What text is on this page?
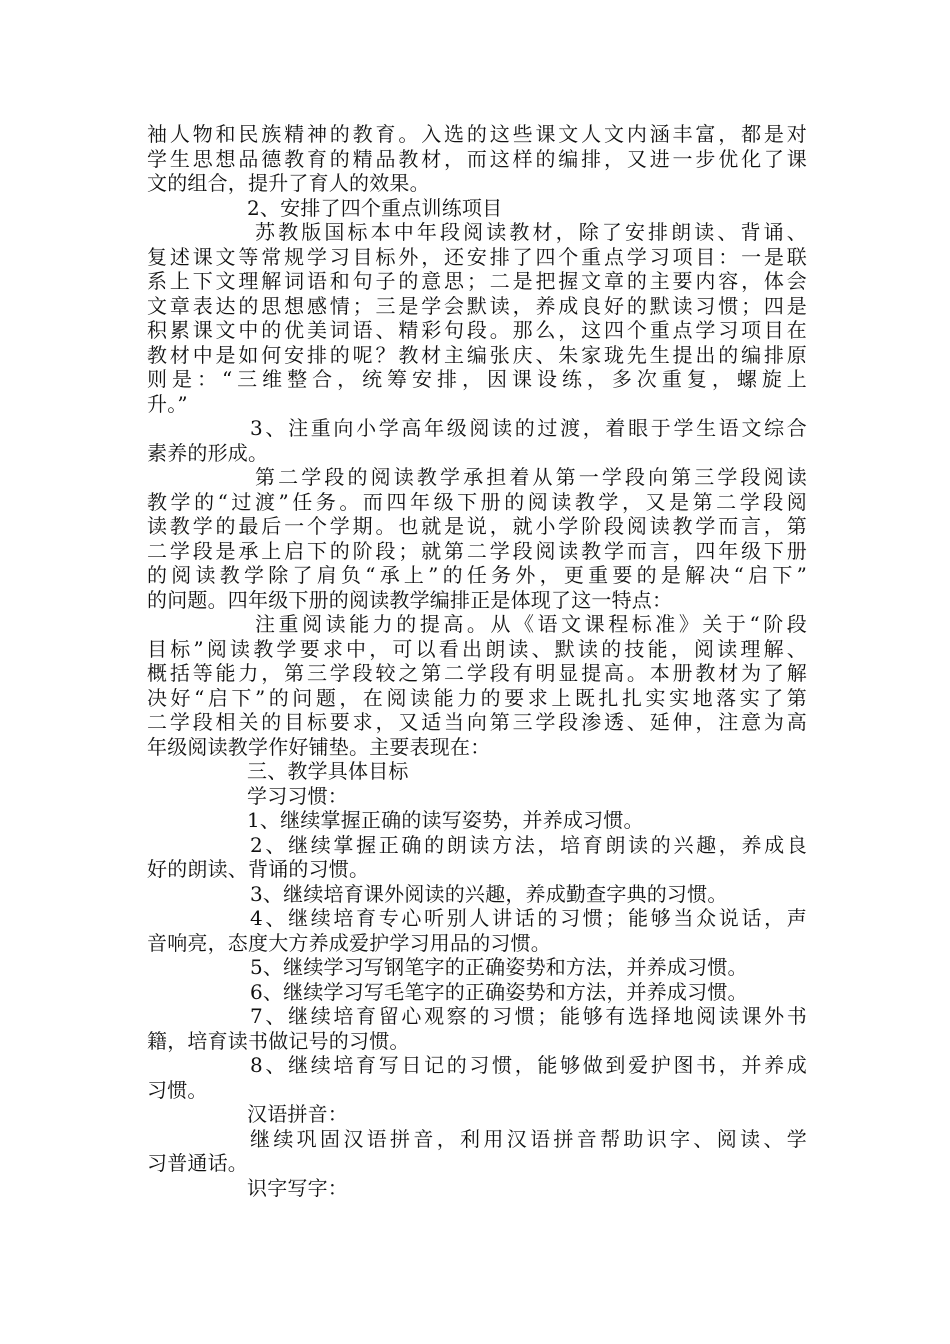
袖人物和民族精神的教育。入选的这些课文人文内涵丰富，都是对
学生思想品德教育的精品教材，而这样的编排，又进一步优化了课
文的组合，提升了育人的效果。
2、安排了四个重点训练项目
苏教版国标本中年段阅读教材，除了安排朗读、背诵、
复述课文等常规学习目标外，还安排了四个重点学习项目：一是联
系上下文理解词语和句子的意思；二是把握文章的主要内容，体会
文章表达的思想感情；三是学会默读，养成良好的默读习惯；四是
积累课文中的优美词语、精彩句段。那么，这四个重点学习项目在
教材中是如何安排的呢？教材主编张庆、朱家珑先生提出的编排原
则是：“三维整合，统筹安排，因课设练，多次重复，螺旋上
升。”
3、注重向小学高年级阅读的过渡，着眼于学生语文综合
素养的形成。
第二学段的阅读教学承担着从第一学段向第三学段阅读
教学的“过渡”任务。而四年级下册的阅读教学，又是第二学段阅
读教学的最后一个学期。也就是说，就小学阶段阅读教学而言，第
二学段是承上启下的阶段；就第二学段阅读教学而言，四年级下册
的阅读教学除了肩负“承上”的任务外，更重要的是解决“启下”
的问题。四年级下册的阅读教学编排正是体现了这一特点：
注重阅读能力的提高。从《语文课程标准》关于“阶段
目标”阅读教学要求中，可以看出朗读、默读的技能，阅读理解、
概括等能力，第三学段较之第二学段有明显提高。本册教材为了解
决好“启下”的问题，在阅读能力的要求上既扎扎实实地落实了第
二学段相关的目标要求，又适当向第三学段渗透、延伸，注意为高
年级阅读教学作好铺垫。主要表现在：
三、教学具体目标
学习习惯：
1、继续掌握正确的读写姿势，并养成习惯。
2、继续掌握正确的朗读方法，培育朗读的兴趣，养成良
好的朗读、背诵的习惯。
3、继续培育课外阅读的兴趣，养成勤查字典的习惯。
4、继续培育专心听别人讲话的习惯；能够当众说话，声
音响亮，态度大方养成爱护学习用品的习惯。
5、继续学习写钢笔字的正确姿势和方法，并养成习惯。
6、继续学习写毛笔字的正确姿势和方法，并养成习惯。
7、继续培育留心观察的习惯；能够有选择地阅读课外书
籍，培育读书做记号的习惯。
8、继续培育写日记的习惯，能够做到爱护图书，并养成
习惯。
汉语拼音：
继续巩固汉语拼音，利用汉语拼音帮助识字、阅读、学
习普通话。
识字写字：
